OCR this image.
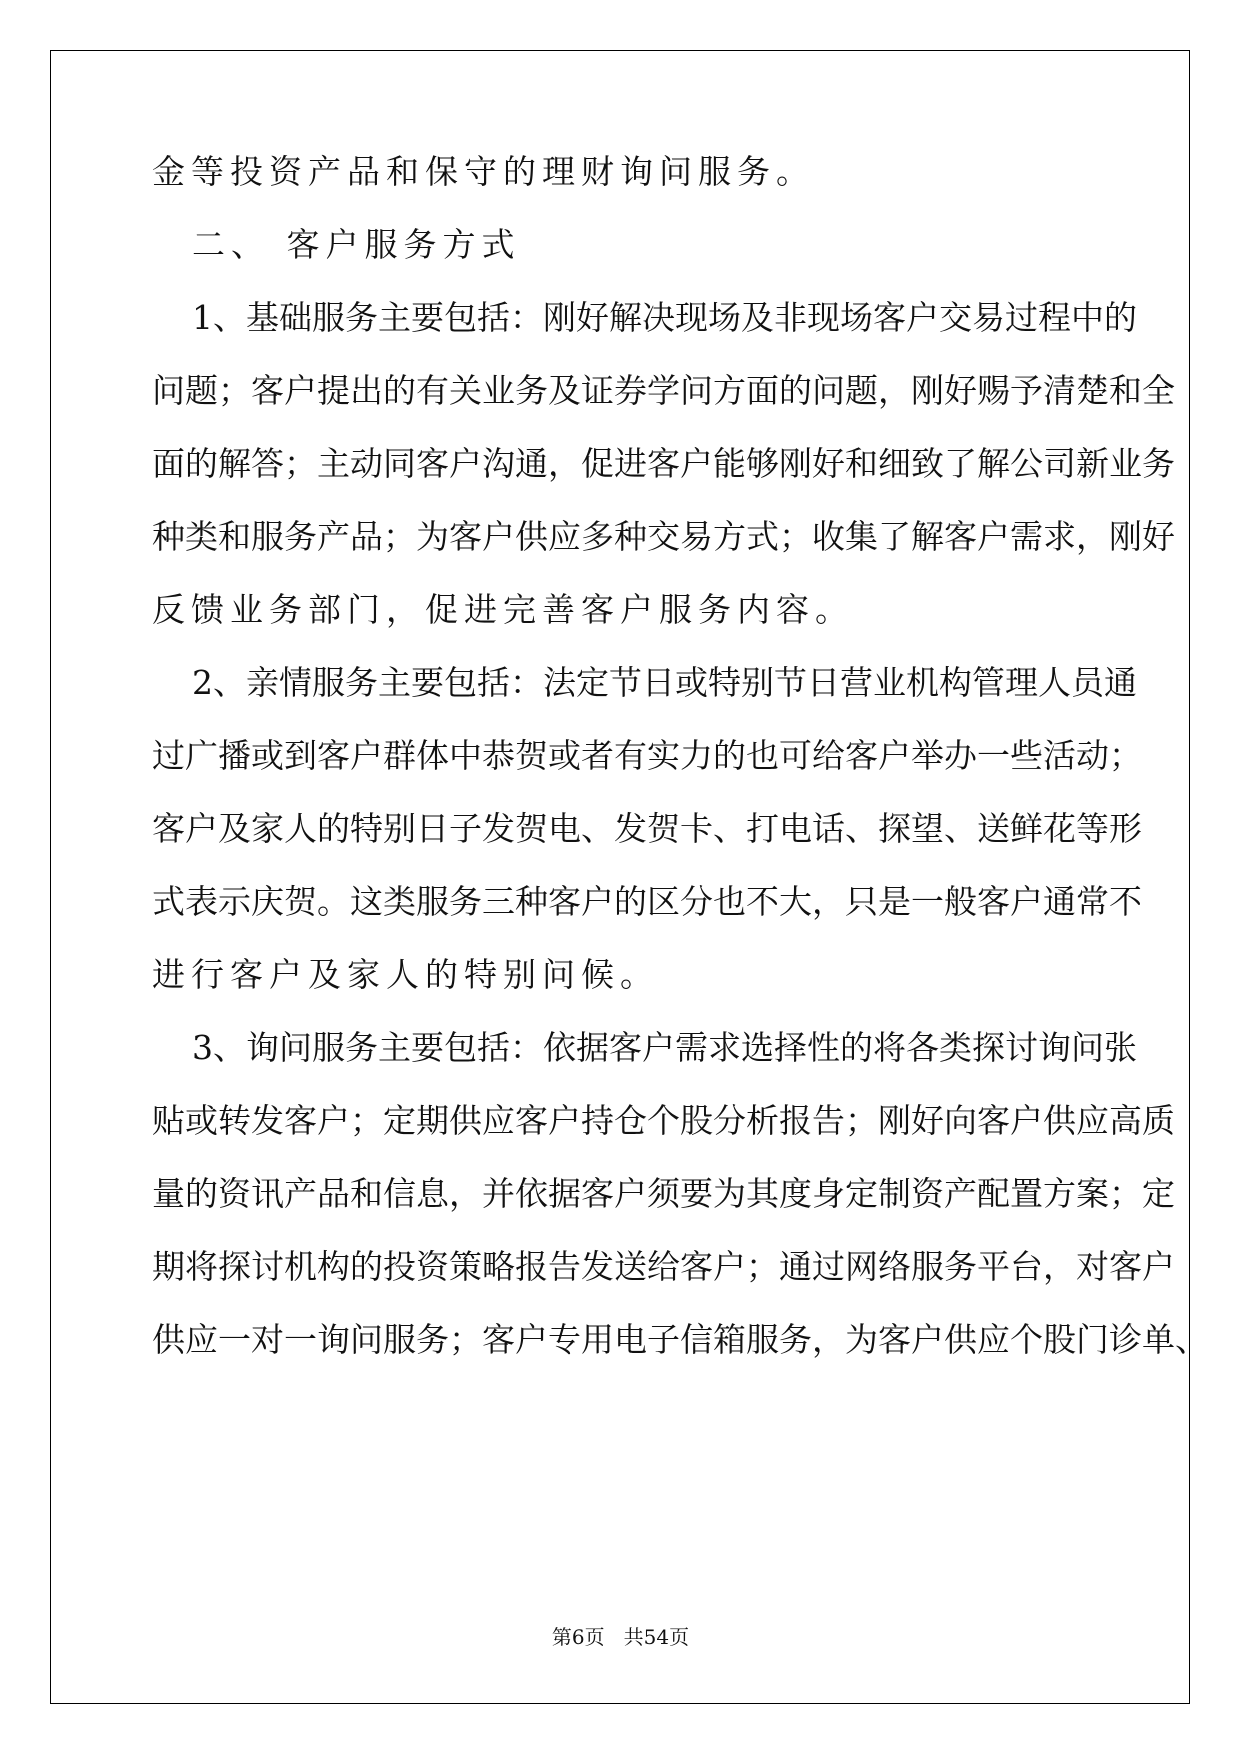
金等投资产品和保守的理财询问服务。
二、 客户服务方式
1、基础服务主要包括：刚好解决现场及非现场客户交易过程中的
问题；客户提出的有关业务及证券学问方面的问题，刚好赐予清楚和全
面的解答；主动同客户沟通，促进客户能够刚好和细致了解公司新业务
种类和服务产品；为客户供应多种交易方式；收集了解客户需求，刚好
反馈业务部门，促进完善客户服务内容。
2、亲情服务主要包括：法定节日或特别节日营业机构管理人员通
过广播或到客户群体中恭贺或者有实力的也可给客户举办一些活动；
客户及家人的特别日子发贺电、发贺卡、打电话、探望、送鲜花等形
式表示庆贺。这类服务三种客户的区分也不大，只是一般客户通常不
进行客户及家人的特别问候。
3、询问服务主要包括：依据客户需求选择性的将各类探讨询问张
贴或转发客户；定期供应客户持仓个股分析报告；刚好向客户供应高质
量的资讯产品和信息，并依据客户须要为其度身定制资产配置方案；定
期将探讨机构的投资策略报告发送给客户；通过网络服务平台，对客户
供应一对一询问服务；客户专用电子信箱服务，为客户供应个股门诊单、
第6页   共54页
